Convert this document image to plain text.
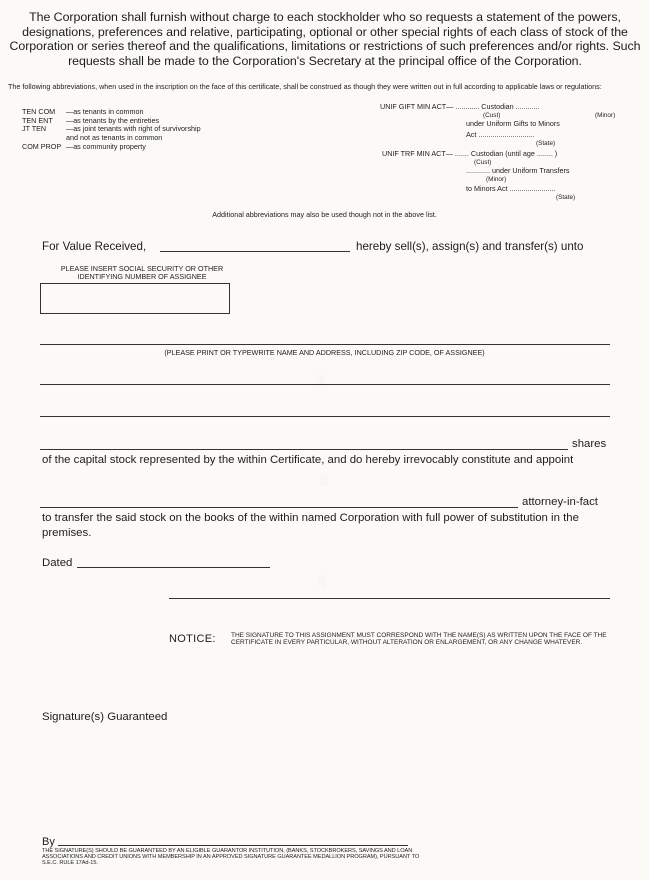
The Corporation shall furnish without charge to each stockholder who so requests a statement of the powers, designations, preferences and relative, participating, optional or other special rights of each class of stock of the Corporation or series thereof and the qualifications, limitations or restrictions of such preferences and/or rights. Such requests shall be made to the Corporation's Secretary at the principal office of the Corporation.
The following abbreviations, when used in the inscription on the face of this certificate, shall be construed as though they were written out in full according to applicable laws or regulations:
TEN COM —as tenants in common
TEN ENT —as tenants by the entireties
JT TEN	—as joint tenants with right of survivorship and not as tenants in common
COM PROP —as community property
UNIF GIFT MIN ACT— ............ Custodian ............
(Cust)	(Minor)
under Uniform Gifts to Minors
Act ............................
(State)
UNIF TRF MIN ACT— ....... Custodian (until age ........ )
(Cust)
............ under Uniform Transfers
(Minor)
to Minors Act .......................
(State)
Additional abbreviations may also be used though not in the above list.
For Value Received,	hereby sell(s), assign(s) and transfer(s) unto
PLEASE INSERT SOCIAL SECURITY OR OTHER IDENTIFYING NUMBER OF ASSIGNEE
(PLEASE PRINT OR TYPEWRITE NAME AND ADDRESS, INCLUDING ZIP CODE, OF ASSIGNEE)
shares
of the capital stock represented by the within Certificate, and do hereby irrevocably constitute and appoint
attorney-in-fact
to transfer the said stock on the books of the within named Corporation with full power of substitution in the premises.
Dated
NOTICE: THE SIGNATURE TO THIS ASSIGNMENT MUST CORRESPOND WITH THE NAME(S) AS WRITTEN UPON THE FACE OF THE CERTIFICATE IN EVERY PARTICULAR, WITHOUT ALTERATION OR ENLARGEMENT, OR ANY CHANGE WHATEVER.
Signature(s) Guaranteed
By
THE SIGNATURE(S) SHOULD BE GUARANTEED BY AN ELIGIBLE GUARANTOR INSTITUTION, (BANKS, STOCKBROKERS, SAVINGS AND LOAN ASSOCIATIONS AND CREDIT UNIONS WITH MEMBERSHIP IN AN APPROVED SIGNATURE GUARANTEE MEDALLION PROGRAM), PURSUANT TO S.E.C. RULE 17Ad-15.
░
░
░
